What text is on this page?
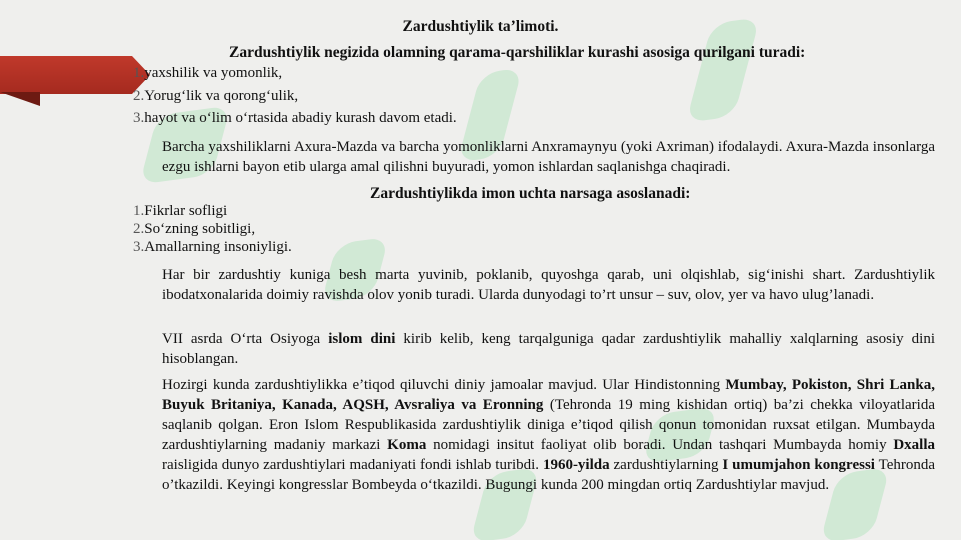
Zardushtiylik ta’limoti.
Zardushtiylik negizida olamning qarama-qarshiliklar kurashi asosiga qurilgani turadi:
1.yaxshilik va yomonlik,
2.Yorug‘lik va qorong‘ulik,
3.hayot va o‘lim o‘rtasida abadiy kurash davom etadi.
Barcha yaxshiliklarni Axura-Mazda va barcha yomonliklarni Anxramaynyu (yoki Axriman) ifodalaydi. Axura-Mazda insonlarga ezgu ishlarni bayon etib ularga amal qilishni buyuradi, yomon ishlardan saqlanishga chaqiradi.
Zardushtiylikda imon uchta narsaga asoslanadi:
1.Fikrlar sofligi
2.So‘zning sobitligi,
3.Amallarning insoniyligi.
Har bir zardushtiy kuniga besh marta yuvinib, poklanib, quyoshga qarab, uni olqishlab, sig‘inishi shart. Zardushtiylik ibodatxonalarida doimiy ravishda olov yonib turadi. Ularda dunyodagi to’rt unsur – suv, olov, yer va havo ulug’lanadi.
VII asrda O‘rta Osiyoga islom dini kirib kelib, keng tarqalguniga qadar zardushtiylik mahalliy xalqlarning asosiy dini hisoblangan.
Hozirgi kunda zardushtiylikka e’tiqod qiluvchi diniy jamoalar mavjud. Ular Hindistonning Mumbay, Pokiston, Shri Lanka, Buyuk Britaniya, Kanada, AQSH, Avsraliya va Eronning (Tehronda 19 ming kishidan ortiq) ba’zi chekka viloyatlarida saqlanib qolgan. Eron Islom Respublikasida zardushtiylik diniga e’tiqod qilish qonun tomonidan ruxsat etilgan. Mumbayda zardushtiylarning madaniy markazi Koma nomidagi insitut faoliyat olib boradi. Undan tashqari Mumbayda homiy Dxalla raisligida dunyo zardushtiylari madaniyati fondi ishlab turibdi. 1960-yilda zardushtiylarning I umumjahon kongressi Tehronda o’tkazildi. Keyingi kongresslar Bombeyda o‘tkazildi. Bugungi kunda 200 mingdan ortiq Zardushtiylar mavjud.
